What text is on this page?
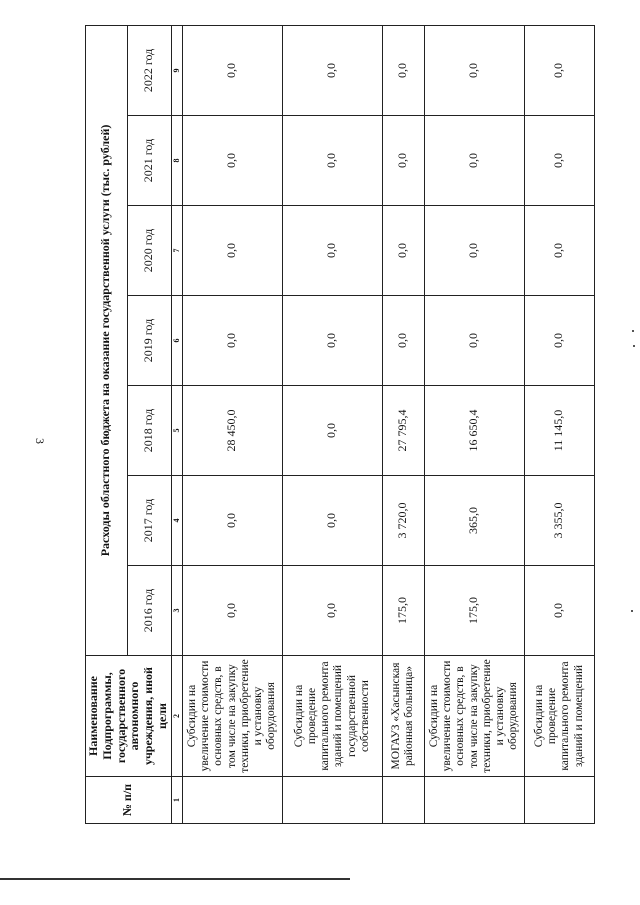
3
№ п/п	Наименование Подпрограммы, государственного автономного учреждения, иной цели	Расходы областного бюджета на оказание государственной услуги (тыс. рублей)						
		2016 год	2017 год	2018 год	2019 год	2020 год	2021 год	2022 год
1	2	3	4	5	6	7	8	9
	Субсидии на увеличение стоимости основных средств, в том числе на закупку техники, приобретение и установку оборудования	0,0	0,0	28 450,0	0,0	0,0	0,0	0,0
	Субсидии на проведение капитального ремонта зданий и помещений государственной собственности	0,0	0,0	0,0	0,0	0,0	0,0	0,0
	МОГАУЗ «Хасынская районная больница»	175,0	3 720,0	27 795,4	0,0	0,0	0,0	0,0
	Субсидии на увеличение стоимости основных средств, в том числе на закупку техники, приобретение и установку оборудования	175,0	365,0	16 650,4	0,0	0,0	0,0	0,0
	Субсидии на проведение капитального ремонта зданий и помещений	0,0	3 355,0	11 145,0	0,0	0,0	0,0	0,0
